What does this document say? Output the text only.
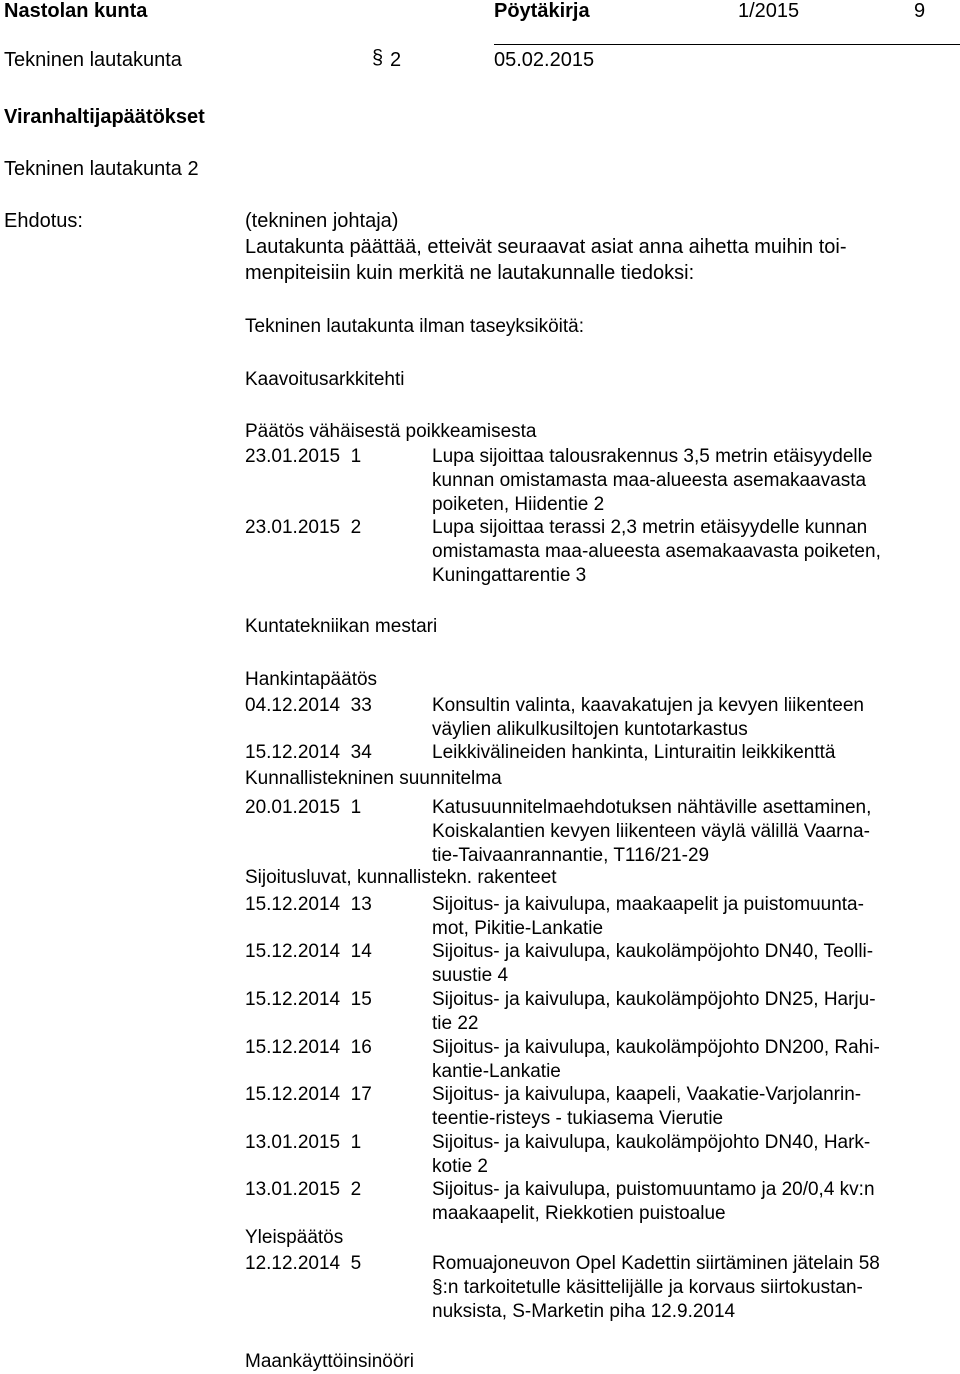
Nastolan kunta	Pöytäkirja	1/2015	9
Tekninen lautakunta	§ 2	05.02.2015
Viranhaltijapäätökset
Tekninen lautakunta 2
Ehdotus:	(tekninen johtaja)
Lautakunta päättää, etteivät seuraavat asiat anna aihetta muihin toi-
menpiteisiin kuin merkitä ne lautakunnalle tiedoksi:
Tekninen lautakunta ilman taseyksiköitä:
Kaavoitusarkkitehti
Päätös vähäisestä poikkeamisesta
23.01.2015  1	Lupa sijoittaa talousrakennus 3,5 metrin etäisyydelle
kunnan omistamasta maa-alueesta asemakaavasta
poiketen, Hiidentie 2
23.01.2015  2	Lupa sijoittaa terassi 2,3 metrin etäisyydelle kunnan
omistamasta maa-alueesta asemakaavasta poiketen,
Kuningattarentie 3
Kuntatekniikan mestari
Hankintapäätös
04.12.2014  33	Konsultin valinta, kaavakatujen ja kevyen liikenteen
väylien alikulkusiltojen kuntotarkastus
15.12.2014  34	Leikkivälineiden hankinta, Linturaitin leikkikenttä
Kunnallistekninen suunnitelma
20.01.2015  1	Katusuunnitelmaehdotuksen nähtäville asettaminen,
Koiskalantien kevyen liikenteen väylä välillä Vaarna-
tie-Taivaanrannantie, T116/21-29
Sijoitusluvat, kunnallistekn. rakenteet
15.12.2014  13	Sijoitus- ja kaivulupa, maakaapelit ja puistomuunta-
mot, Pikitie-Lankatie
15.12.2014  14	Sijoitus- ja kaivulupa, kaukolämpöjohto DN40, Teolli-
suustie 4
15.12.2014  15	Sijoitus- ja kaivulupa, kaukolämpöjohto DN25, Harju-
tie 22
15.12.2014  16	Sijoitus- ja kaivulupa, kaukolämpöjohto DN200, Rahi-
kantie-Lankatie
15.12.2014  17	Sijoitus- ja kaivulupa, kaapeli, Vaakatie-Varjolanrin-
teentie-risteys - tukiasema Vierutie
13.01.2015  1	Sijoitus- ja kaivulupa, kaukolämpöjohto DN40, Hark-
kotie 2
13.01.2015  2	Sijoitus- ja kaivulupa, puistomuuntamo ja 20/0,4 kv:n
maakaapelit, Riekkotien puistoalue
Yleispäätös
12.12.2014  5	Romuajoneuvon Opel Kadettin siirtäminen jätelain 58
§:n tarkoitetulle käsittelijälle ja korvaus siirtokustan-
nuksista, S-Marketin piha 12.9.2014
Maankäyttöinsinööri
